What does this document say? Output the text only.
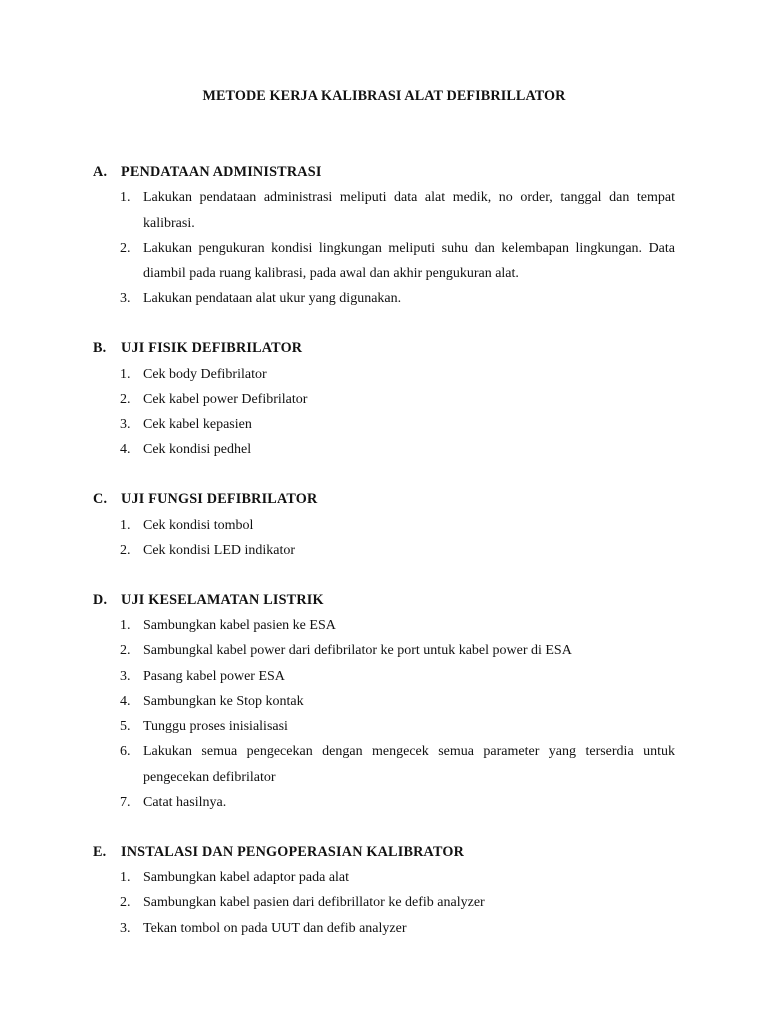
METODE KERJA KALIBRASI ALAT DEFIBRILLATOR
A. PENDATAAN ADMINISTRASI
1. Lakukan pendataan administrasi meliputi data alat medik, no order, tanggal dan tempat kalibrasi.
2. Lakukan pengukuran kondisi lingkungan meliputi suhu dan kelembapan lingkungan. Data diambil pada ruang kalibrasi, pada awal dan akhir pengukuran alat.
3. Lakukan pendataan alat ukur yang digunakan.
B.	UJI FISIK DEFIBRILATOR
1. Cek body Defibrilator
2. Cek kabel power Defibrilator
3. Cek kabel kepasien
4. Cek kondisi pedhel
C. UJI FUNGSI DEFIBRILATOR
1. Cek kondisi tombol
2. Cek kondisi LED indikator
D. UJI KESELAMATAN LISTRIK
1. Sambungkan kabel pasien ke ESA
2. Sambungkal kabel power dari defibrilator ke port untuk kabel power di ESA
3. Pasang kabel power ESA
4. Sambungkan ke Stop kontak
5. Tunggu proses inisialisasi
6. Lakukan semua pengecekan dengan mengecek semua parameter yang terserdia untuk pengecekan defibrilator
7. Catat hasilnya.
E.	INSTALASI DAN PENGOPERASIAN KALIBRATOR
1. Sambungkan kabel adaptor pada alat
2. Sambungkan kabel pasien dari defibrillator ke defib analyzer
3. Tekan tombol on pada UUT dan defib analyzer
